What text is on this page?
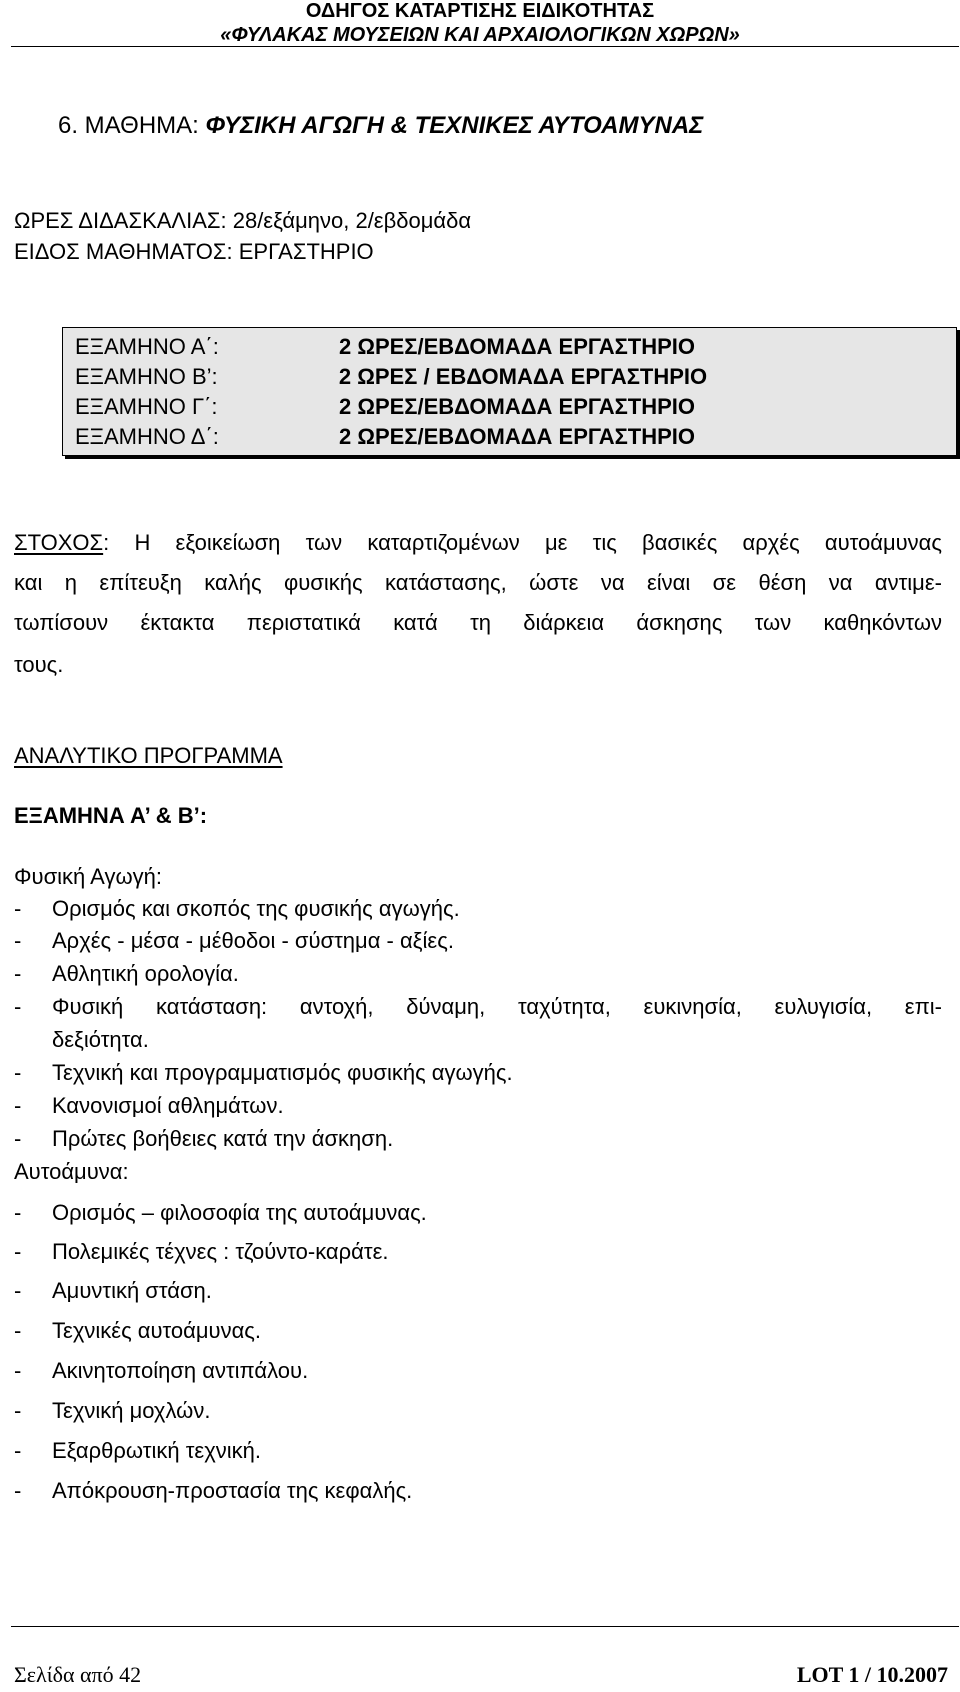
ΟΔΗΓΟΣ ΚΑΤΑΡΤΙΣΗΣ ΕΙΔΙΚΟΤΗΤΑΣ
«ΦΥΛΑΚΑΣ ΜΟΥΣΕΙΩΝ ΚΑΙ ΑΡΧΑΙΟΛΟΓΙΚΩΝ ΧΩΡΩΝ»
6. ΜΑΘΗΜΑ: ΦΥΣΙΚΗ ΑΓΩΓΗ & ΤΕΧΝΙΚΕΣ ΑΥΤΟΑΜΥΝΑΣ
ΩΡΕΣ ΔΙΔΑΣΚΑΛΙΑΣ: 28/εξάμηνο, 2/εβδομάδα
ΕΙΔΟΣ ΜΑΘΗΜΑΤΟΣ: ΕΡΓΑΣΤΗΡΙΟ
ΕΞΑΜΗΝΟ Α΄:	2 ΩΡΕΣ/ΕΒΔΟΜΑΔΑ ΕΡΓΑΣΤΗΡΙΟ
ΕΞΑΜΗΝΟ Β’:	2 ΩΡΕΣ / ΕΒΔΟΜΑΔΑ ΕΡΓΑΣΤΗΡΙΟ
ΕΞΑΜΗΝΟ Γ΄:	2 ΩΡΕΣ/ΕΒΔΟΜΑΔΑ ΕΡΓΑΣΤΗΡΙΟ
ΕΞΑΜΗΝΟ Δ΄:	2 ΩΡΕΣ/ΕΒΔΟΜΑΔΑ ΕΡΓΑΣΤΗΡΙΟ
ΣΤΟΧΟΣ: Η εξοικείωση των καταρτιζομένων με τις βασικές αρχές αυτοάμυνας
και η επίτευξη καλής φυσικής κατάστασης, ώστε να είναι σε θέση να αντιμε-
τωπίσουν έκτακτα περιστατικά κατά τη διάρκεια άσκησης των καθηκόντων
τους.
ΑΝΑΛΥΤΙΚΟ ΠΡΟΓΡΑΜΜΑ
ΕΞΑΜΗΝΑ Α’ & Β’:
Φυσική Αγωγή:
- Ορισμός και σκοπός της φυσικής αγωγής.
- Αρχές - μέσα - μέθοδοι - σύστημα - αξίες.
- Αθλητική ορολογία.
- Φυσική κατάσταση: αντοχή, δύναμη, ταχύτητα, ευκινησία, ευλυγισία, επι-
δεξιότητα.
- Τεχνική και προγραμματισμός φυσικής αγωγής.
- Κανονισμοί αθλημάτων.
- Πρώτες βοήθειες κατά την άσκηση.
Αυτοάμυνα:
- Ορισμός – φιλοσοφία της αυτοάμυνας.
- Πολεμικές τέχνες : τζούντο-καράτε.
- Αμυντική στάση.
- Τεχνικές αυτοάμυνας.
- Ακινητοποίηση αντιπάλου.
- Τεχνική μοχλών.
- Εξαρθρωτική τεχνική.
- Απόκρουση-προστασία της κεφαλής.
Σελίδα από 42	LOT 1 / 10.2007
